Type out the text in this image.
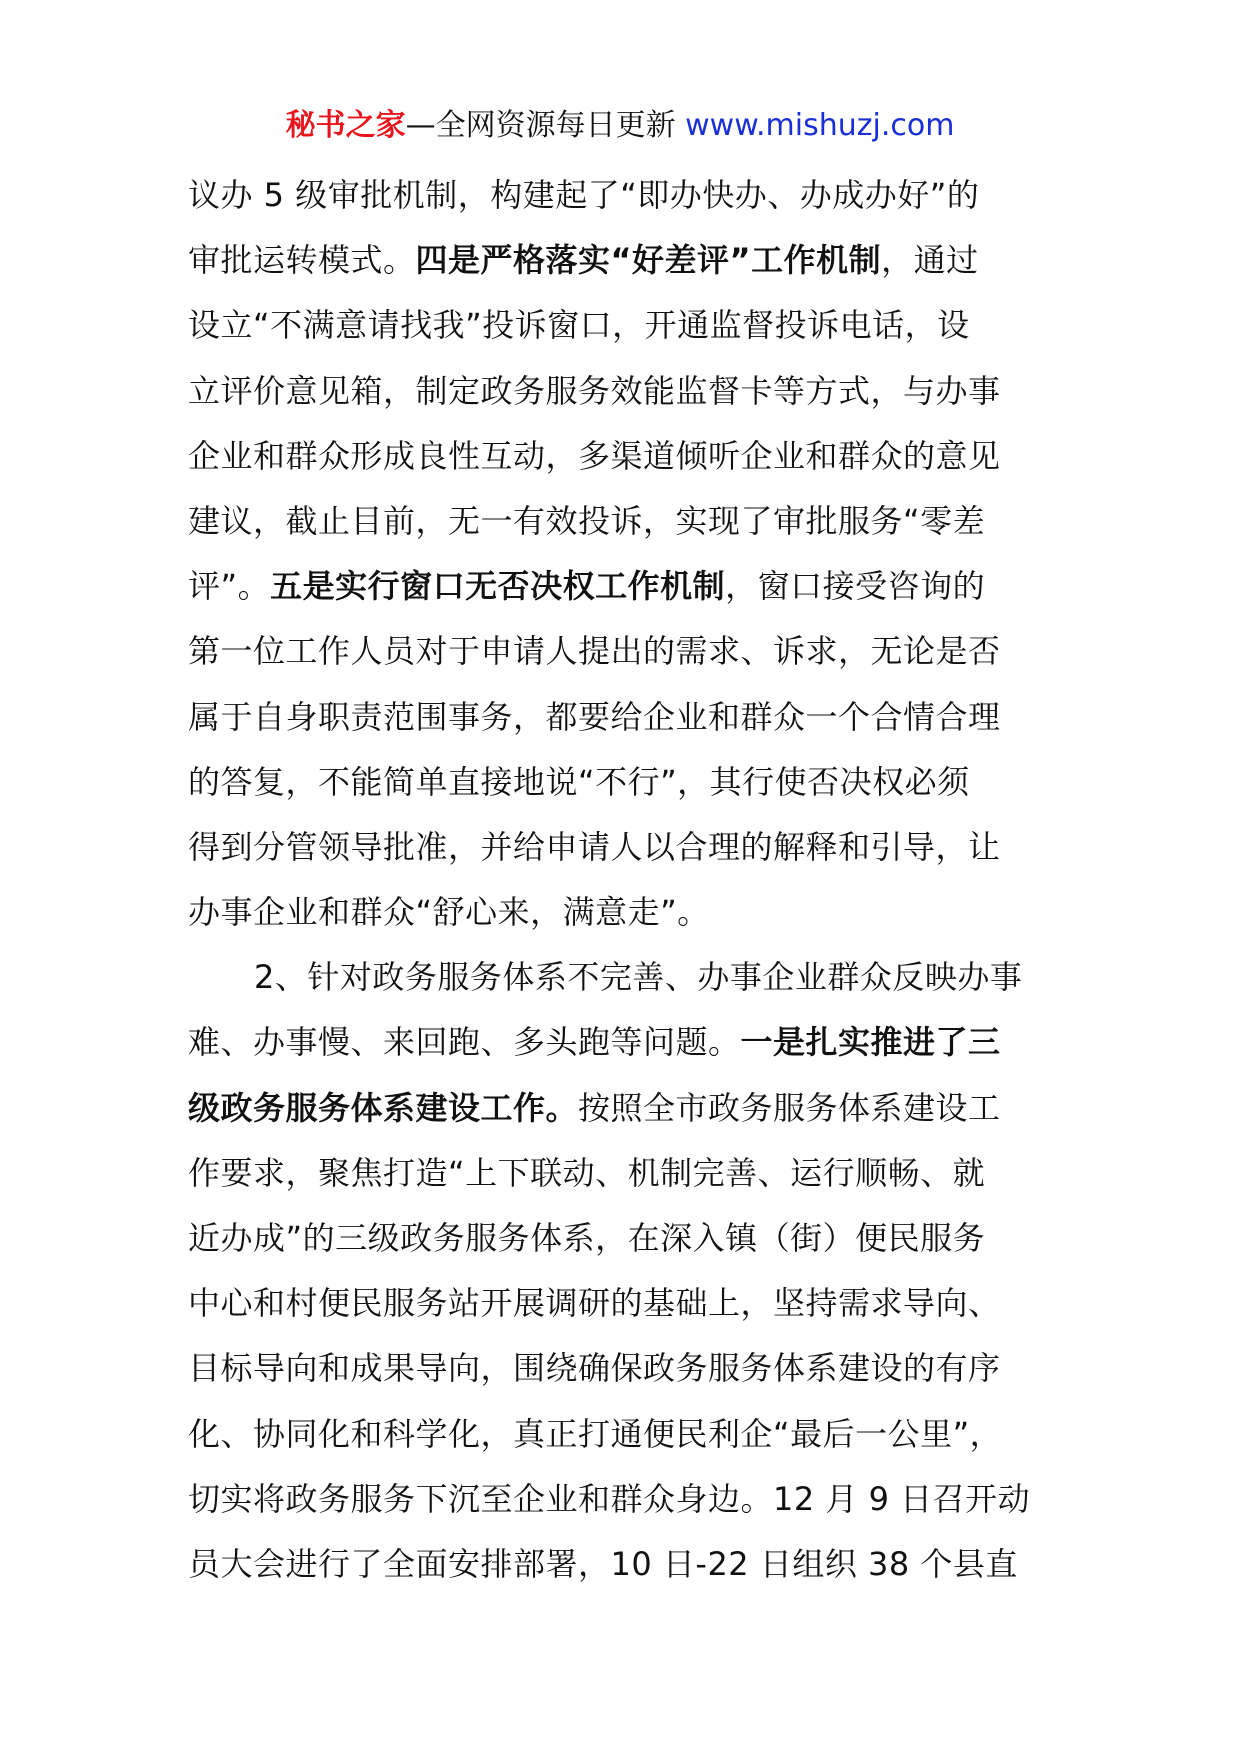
秘书之家—全网资源每日更新 www.mishuzj.com
议办 5 级审批机制，构建起了“即办快办、办成办好”的
审批运转模式。四是严格落实“好差评”工作机制，通过
设立“不满意请找我”投诉窗口，开通监督投诉电话，设
立评价意见箱，制定政务服务效能监督卡等方式，与办事
企业和群众形成良性互动，多渠道倾听企业和群众的意见
建议，截止目前，无一有效投诉，实现了审批服务“零差
评”。五是实行窗口无否决权工作机制，窗口接受咨询的
第一位工作人员对于申请人提出的需求、诉求，无论是否
属于自身职责范围事务，都要给企业和群众一个合情合理
的答复，不能简单直接地说“不行”，其行使否决权必须
得到分管领导批准，并给申请人以合理的解释和引导，让
办事企业和群众“舒心来，满意走”。
2、针对政务服务体系不完善、办事企业群众反映办事
难、办事慢、来回跑、多头跑等问题。一是扎实推进了三
级政务服务体系建设工作。按照全市政务服务体系建设工
作要求，聚焦打造“上下联动、机制完善、运行顺畅、就
近办成”的三级政务服务体系，在深入镇（街）便民服务
中心和村便民服务站开展调研的基础上，坚持需求导向、
目标导向和成果导向，围绕确保政务服务体系建设的有序
化、协同化和科学化，真正打通便民利企“最后一公里”，
切实将政务服务下沉至企业和群众身边。12 月 9 日召开动
员大会进行了全面安排部署，10 日-22 日组织 38 个县直
